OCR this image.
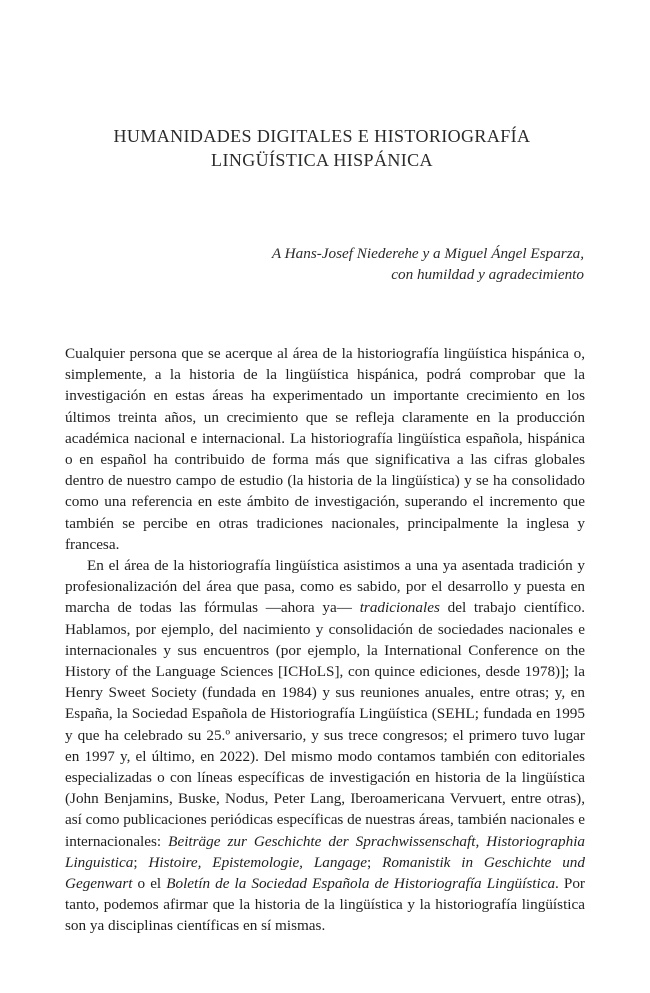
HUMANIDADES DIGITALES E HISTORIOGRAFÍA
LINGÜÍSTICA HISPÁNICA
A Hans-Josef Niederehe y a Miguel Ángel Esparza,
con humildad y agradecimiento

Cualquier persona que se acerque al área de la historiografía lingüística hispánica o, simplemente, a la historia de la lingüística hispánica, podrá comprobar que la investigación en estas áreas ha experimentado un importante crecimiento en los últimos treinta años, un crecimiento que se refleja claramente en la producción académica nacional e internacional. La historiografía lingüística española, hispánica o en español ha contribuido de forma más que significativa a las cifras globales dentro de nuestro campo de estudio (la historia de la lingüística) y se ha consolidado como una referencia en este ámbito de investigación, superando el incremento que también se percibe en otras tradiciones nacionales, principalmente la inglesa y francesa.

En el área de la historiografía lingüística asistimos a una ya asentada tradición y profesionalización del área que pasa, como es sabido, por el desarrollo y puesta en marcha de todas las fórmulas —ahora ya— tradicionales del trabajo científico. Hablamos, por ejemplo, del nacimiento y consolidación de sociedades nacionales e internacionales y sus encuentros (por ejemplo, la International Conference on the History of the Language Sciences [ICHoLS], con quince ediciones, desde 1978)]; la Henry Sweet Society (fundada en 1984) y sus reuniones anuales, entre otras; y, en España, la Sociedad Española de Historiografía Lingüística (SEHL; fundada en 1995 y que ha celebrado su 25.º aniversario, y sus trece congresos; el primero tuvo lugar en 1997 y, el último, en 2022). Del mismo modo contamos también con editoriales especializadas o con líneas específicas de investigación en historia de la lingüística (John Benjamins, Buske, Nodus, Peter Lang, Iberoamericana Vervuert, entre otras), así como publicaciones periódicas específicas de nuestras áreas, también nacionales e internacionales: Beiträge zur Geschichte der Sprachwissenschaft, Historiographia Linguistica; Histoire, Epistemologie, Langage; Romanistik in Geschichte und Gegenwart o el Boletín de la Sociedad Española de Historiografía Lingüística. Por tanto, podemos afirmar que la historia de la lingüística y la historiografía lingüística son ya disciplinas científicas en sí mismas.
